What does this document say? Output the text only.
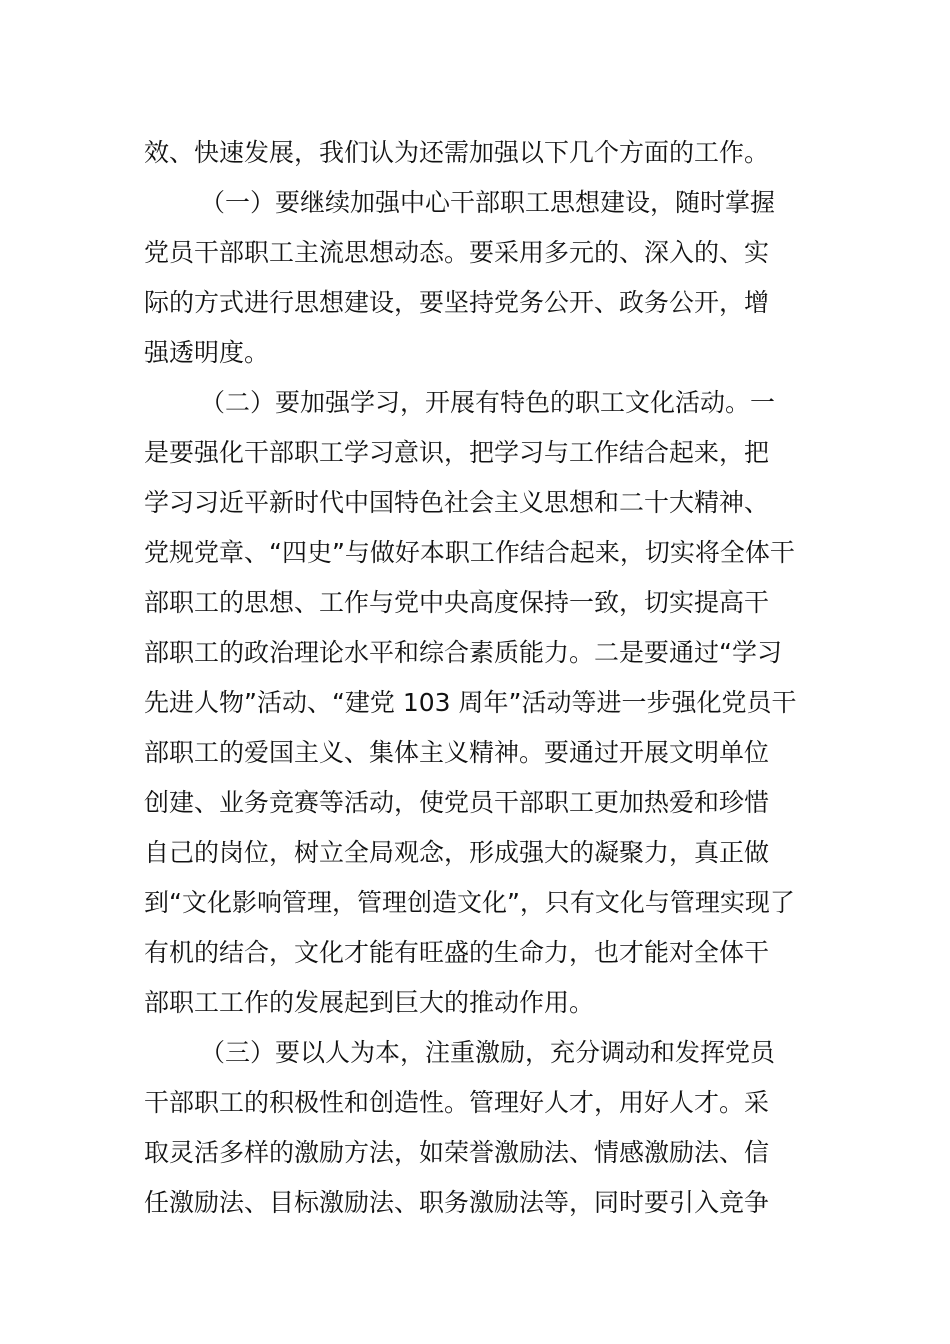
效、快速发展，我们认为还需加强以下几个方面的工作。
（一）要继续加强中心干部职工思想建设，随时掌握
党员干部职工主流思想动态。要采用多元的、深入的、实
际的方式进行思想建设，要坚持党务公开、政务公开，增
强透明度。
（二）要加强学习，开展有特色的职工文化活动。一
是要强化干部职工学习意识，把学习与工作结合起来，把
学习习近平新时代中国特色社会主义思想和二十大精神、
党规党章、“四史”与做好本职工作结合起来，切实将全体干
部职工的思想、工作与党中央高度保持一致，切实提高干
部职工的政治理论水平和综合素质能力。二是要通过“学习
先进人物”活动、“建党 103 周年”活动等进一步强化党员干
部职工的爱国主义、集体主义精神。要通过开展文明单位
创建、业务竞赛等活动，使党员干部职工更加热爱和珍惜
自己的岗位，树立全局观念，形成强大的凝聚力，真正做
到“文化影响管理，管理创造文化”，只有文化与管理实现了
有机的结合，文化才能有旺盛的生命力，也才能对全体干
部职工工作的发展起到巨大的推动作用。
（三）要以人为本，注重激励，充分调动和发挥党员
干部职工的积极性和创造性。管理好人才，用好人才。采
取灵活多样的激励方法，如荣誉激励法、情感激励法、信
任激励法、目标激励法、职务激励法等，同时要引入竞争
